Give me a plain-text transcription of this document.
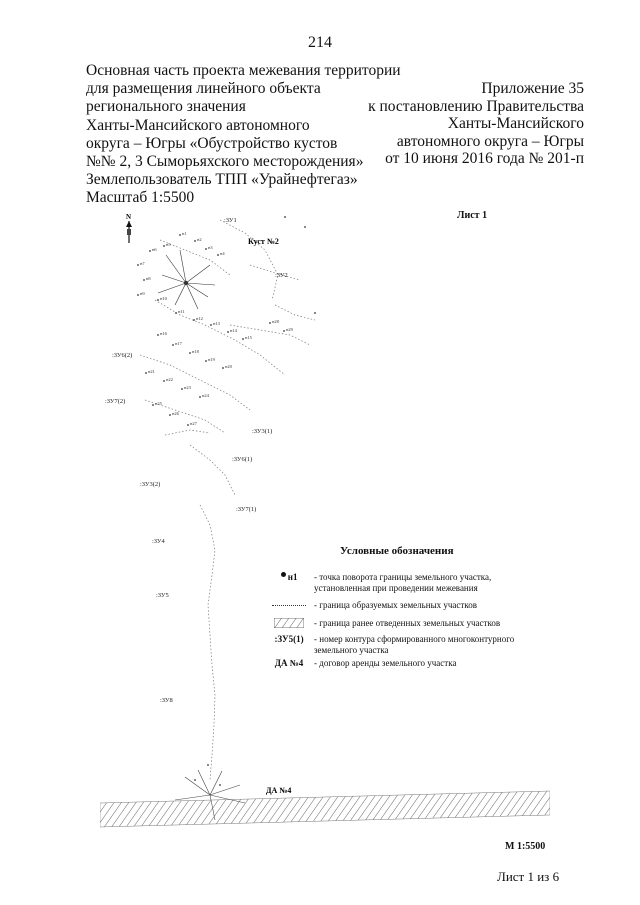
214
Основная часть проекта межевания территории
для размещения линейного объекта
регионального значения
Ханты-Мансийского автономного
округа – Югры «Обустройство кустов
№№ 2, 3 Сыморьяхского месторождения»
Землепользователь ТПП «Урайнефтегаз»
Масштаб 1:5500
Приложение 35
к постановлению Правительства
Ханты-Мансийского
автономного округа – Югры
от 10 июня 2016 года № 201-п
Лист 1
N	:ЗУ1
:ЗУ2
:ЗУ6(2)
:ЗУ7(2)
:ЗУ3(1)
:ЗУ6(1)
:ЗУ3(2)
:ЗУ7(1)
:ЗУ4
:ЗУ5
:ЗУ8
Куст №2
н1
н2
н3
н4
н5
н6
н7
н8
н9
н10
н11
н12
н13
н14
н15
н16
н17
н18
н19
н20
н21
н22
н23
н24
н25
н26
н27
н28
н29
ДА №4
Условные обозначения
н1	- точка поворота границы земельного участка, установленная при проведении межевания
- граница образуемых земельных участков
- граница ранее отведенных земельных участков
:ЗУ5(1)	- номер контура сформированного многоконтурного земельного участка
ДА №4	- договор аренды земельного участка
М 1:5500
Лист 1 из 6
